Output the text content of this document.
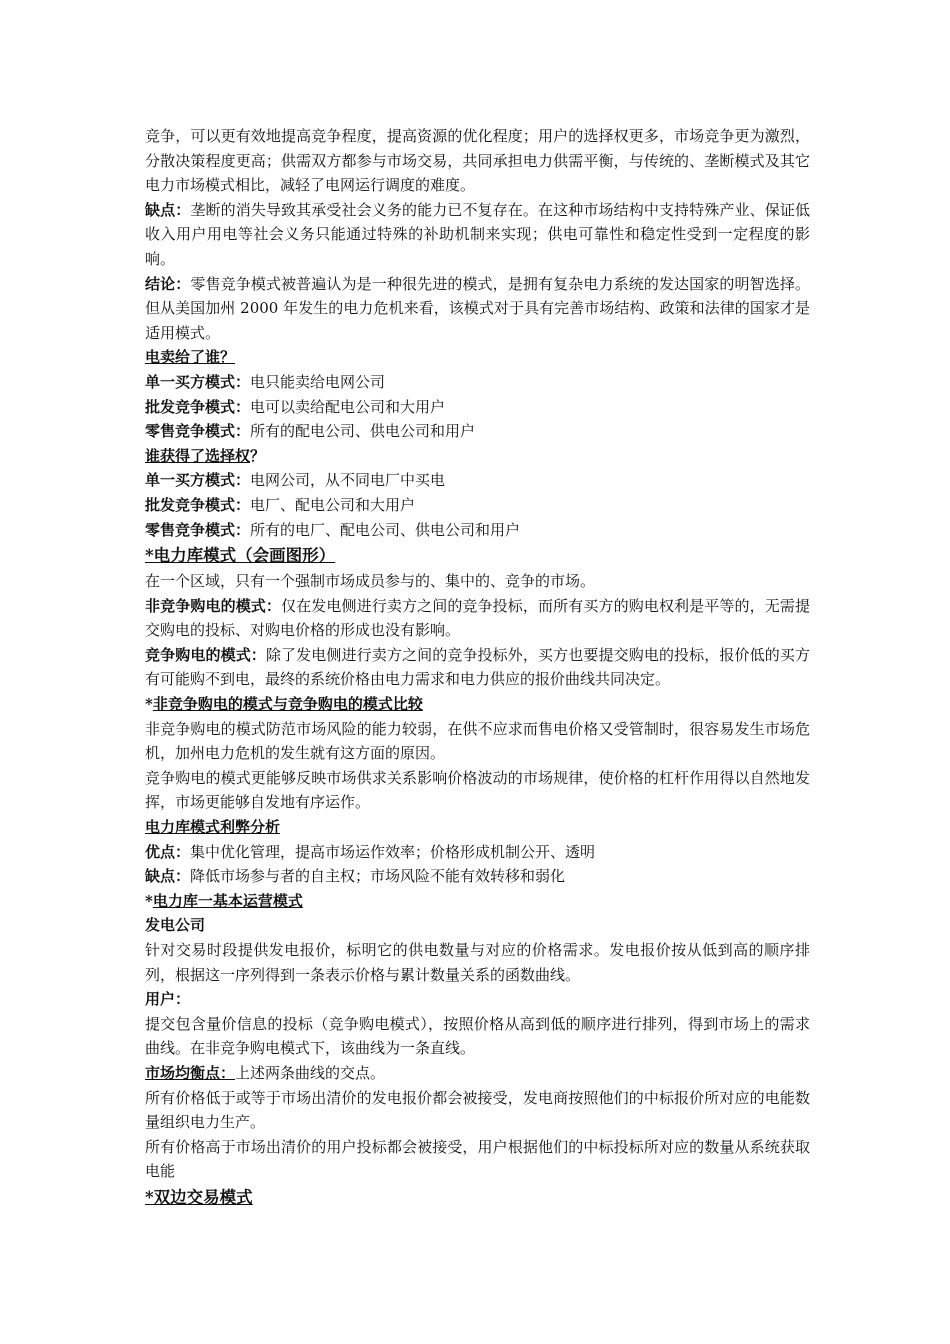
竞争，可以更有效地提高竞争程度，提高资源的优化程度；用户的选择权更多，市场竞争更为激烈，分散决策程度更高；供需双方都参与市场交易，共同承担电力供需平衡，与传统的、垄断模式及其它电力市场模式相比，减轻了电网运行调度的难度。

缺点：垄断的消失导致其承受社会义务的能力已不复存在。在这种市场结构中支持特殊产业、保证低收入用户用电等社会义务只能通过特殊的补助机制来实现；供电可靠性和稳定性受到一定程度的影响。

结论：零售竞争模式被普遍认为是一种很先进的模式，是拥有复杂电力系统的发达国家的明智选择。但从美国加州 2000 年发生的电力危机来看，该模式对于具有完善市场结构、政策和法律的国家才是适用模式。

电卖给了谁？

单一买方模式：电只能卖给电网公司

批发竞争模式：电可以卖给配电公司和大用户

零售竞争模式：所有的配电公司、供电公司和用户

谁获得了选择权？

单一买方模式：电网公司，从不同电厂中买电

批发竞争模式：电厂、配电公司和大用户

零售竞争模式：所有的电厂、配电公司、供电公司和用户

*电力库模式（会画图形）

在一个区域，只有一个强制市场成员参与的、集中的、竞争的市场。

非竞争购电的模式：仅在发电侧进行卖方之间的竞争投标，而所有买方的购电权利是平等的，无需提交购电的投标、对购电价格的形成也没有影响。

竞争购电的模式：除了发电侧进行卖方之间的竞争投标外，买方也要提交购电的投标，报价低的买方有可能购不到电，最终的系统价格由电力需求和电力供应的报价曲线共同决定。

*非竞争购电的模式与竞争购电的模式比较

非竞争购电的模式防范市场风险的能力较弱，在供不应求而售电价格又受管制时，很容易发生市场危机，加州电力危机的发生就有这方面的原因。

竞争购电的模式更能够反映市场供求关系影响价格波动的市场规律，使价格的杠杆作用得以自然地发挥，市场更能够自发地有序运作。

电力库模式利弊分析

优点：集中优化管理，提高市场运作效率；价格形成机制公开、透明

缺点：降低市场参与者的自主权；市场风险不能有效转移和弱化

*电力库一基本运营模式

发电公司

针对交易时段提供发电报价，标明它的供电数量与对应的价格需求。发电报价按从低到高的顺序排列，根据这一序列得到一条表示价格与累计数量关系的函数曲线。

用户：

提交包含量价信息的投标（竞争购电模式），按照价格从高到低的顺序进行排列，得到市场上的需求曲线。在非竞争购电模式下，该曲线为一条直线。

市场均衡点：上述两条曲线的交点。

所有价格低于或等于市场出清价的发电报价都会被接受，发电商按照他们的中标报价所对应的电能数量组织电力生产。

所有价格高于市场出清价的用户投标都会被接受，用户根据他们的中标投标所对应的数量从系统获取电能

*双边交易模式
